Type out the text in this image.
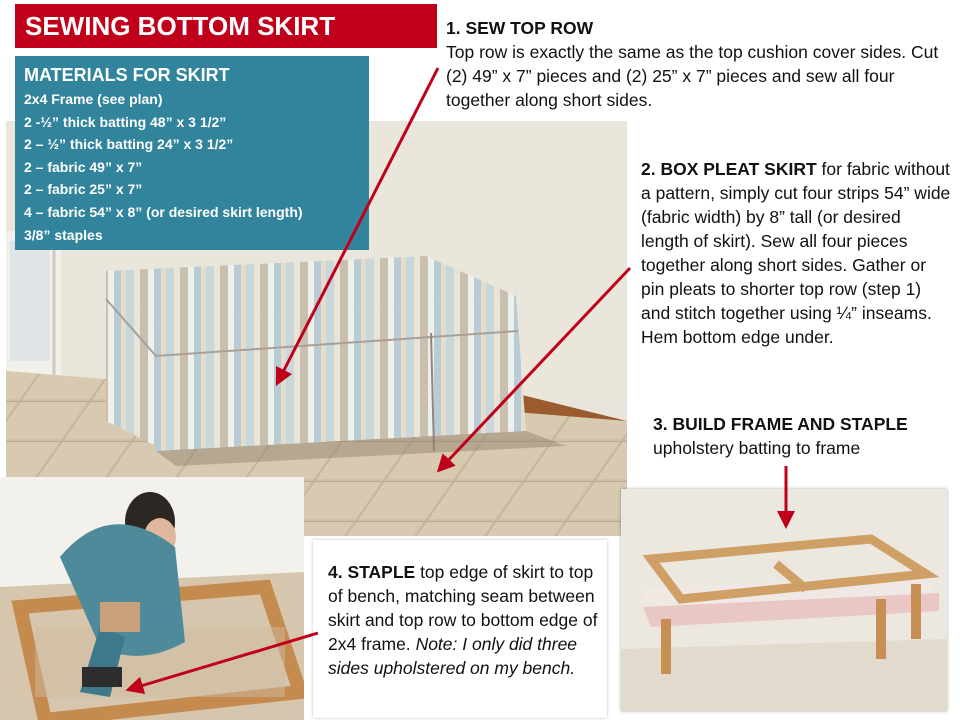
SEWING BOTTOM SKIRT
MATERIALS FOR SKIRT
2x4 Frame (see plan)
2 -½” thick batting 48” x 3 1/2”
2 – ½” thick batting 24” x 3 1/2”
2 – fabric 49” x 7”
2 – fabric 25” x 7”
4 – fabric 54” x 8” (or desired skirt length)
3/8” staples
1. SEW TOP ROW
Top row is exactly the same as the top cushion cover sides. Cut (2) 49” x 7” pieces and (2) 25” x 7” pieces and sew all four together along short sides.
2. BOX PLEAT SKIRT for fabric without a pattern, simply cut four strips 54” wide (fabric width) by 8” tall (or desired length of skirt). Sew all four pieces together along short sides. Gather or pin pleats to shorter top row (step 1) and stitch together using ¼” inseams. Hem bottom edge under.
3. BUILD FRAME AND STAPLE
upholstery batting to frame
4. STAPLE top edge of skirt to top of bench, matching seam between skirt and top row to bottom edge of 2x4 frame. Note: I only did three sides upholstered on my bench.
